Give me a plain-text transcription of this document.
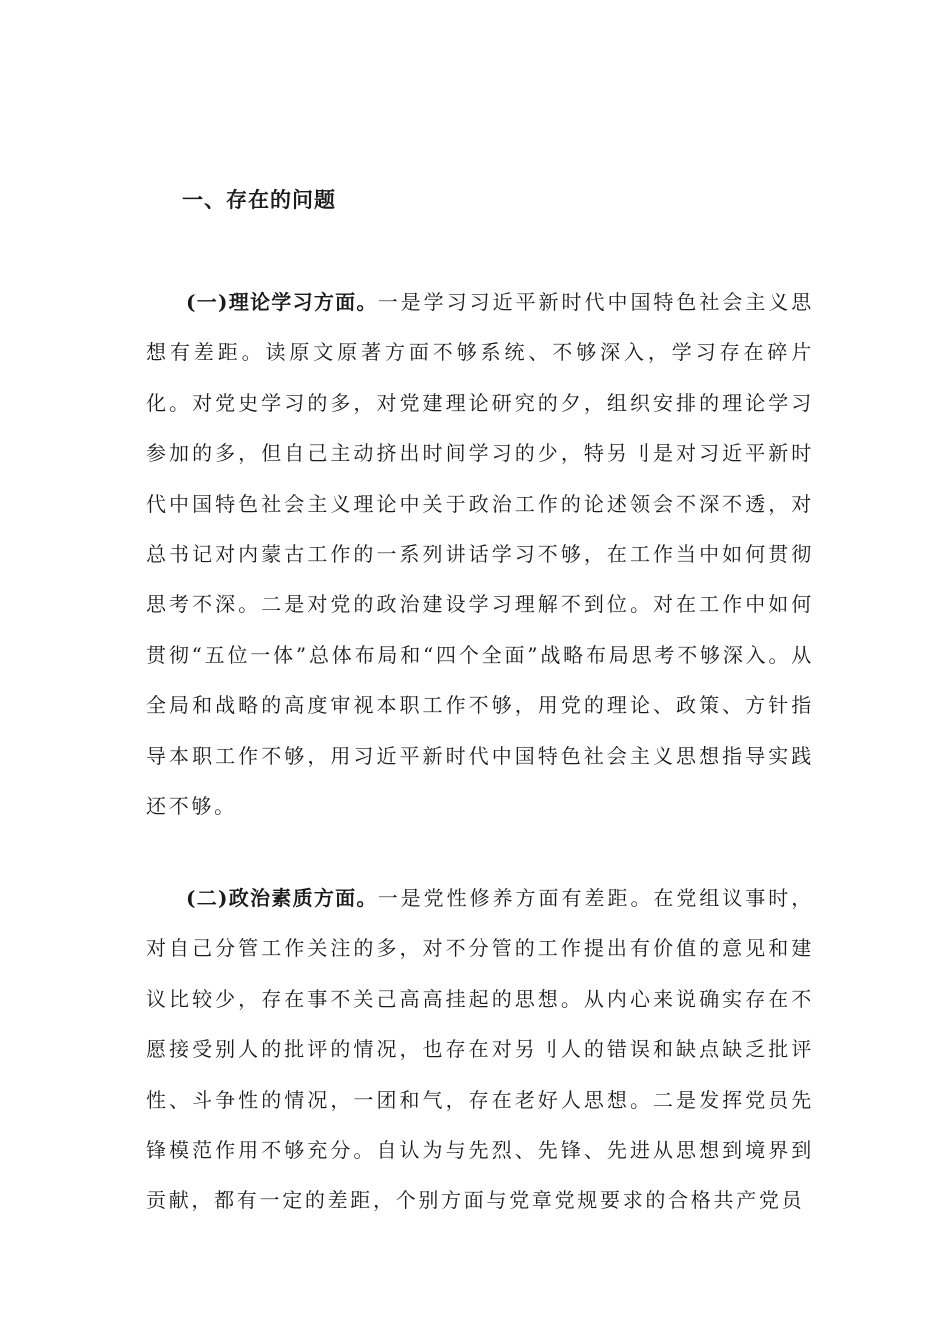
一、存在的问题

(一)理论学习方面。一是学习习近平新时代中国特色社会主义思想有差距。读原文原著方面不够系统、不够深入，学习存在碎片化。对党史学习的多，对党建理论研究的夕，组织安排的理论学习参加的多，但自己主动挤出时间学习的少，特另刂是对习近平新时代中国特色社会主义理论中关于政治工作的论述领会不深不透，对总书记对内蒙古工作的一系列讲话学习不够，在工作当中如何贯彻思考不深。二是对党的政治建设学习理解不到位。对在工作中如何贯彻“五位一体”总体布局和“四个全面”战略布局思考不够深入。从全局和战略的高度审视本职工作不够，用党的理论、政策、方针指导本职工作不够，用习近平新时代中国特色社会主义思想指导实践还不够。

(二)政治素质方面。一是党性修养方面有差距。在党组议事时，对自己分管工作关注的多，对不分管的工作提出有价值的意见和建议比较少，存在事不关己高高挂起的思想。从内心来说确实存在不愿接受别人的批评的情况，也存在对另刂人的错误和缺点缺乏批评性、斗争性的情况，一团和气，存在老好人思想。二是发挥党员先锋模范作用不够充分。自认为与先烈、先锋、先进从思想到境界到贡献，都有一定的差距，个别方面与党章党规要求的合格共产党员
